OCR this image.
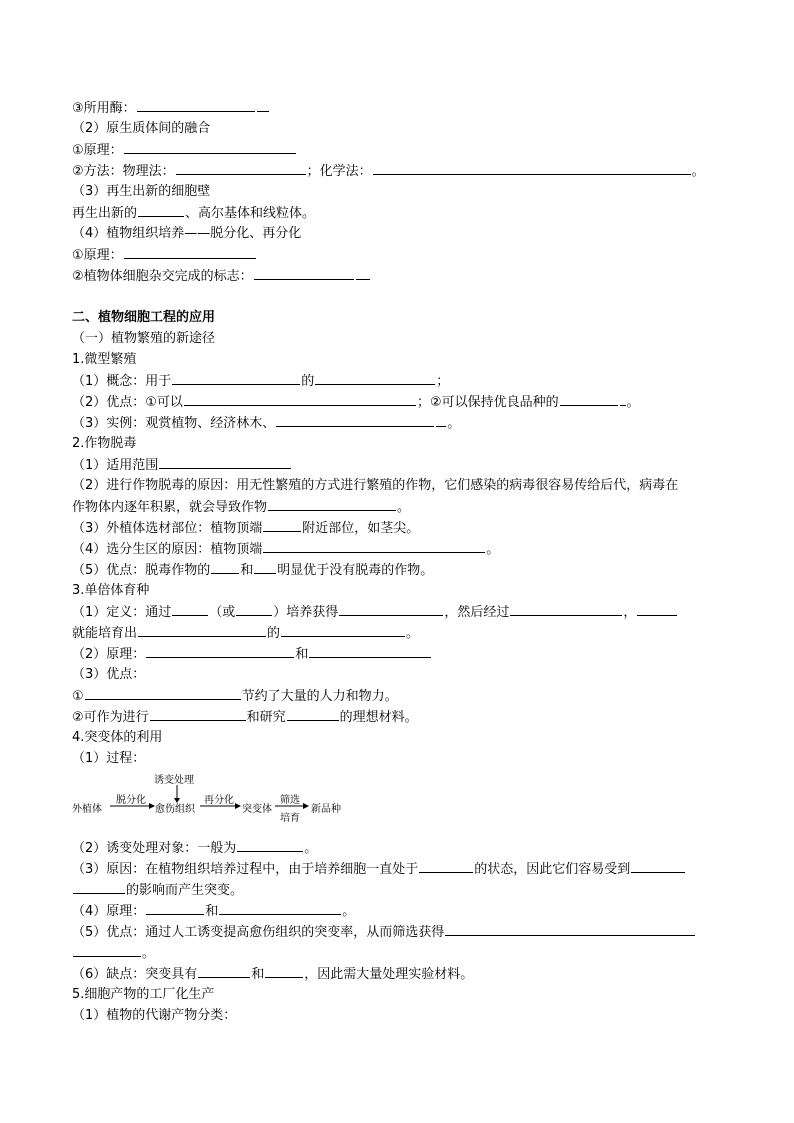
③所用酶：
（2）原生质体间的融合
①原理：
②方法：物理法：	；化学法：	。
（3）再生出新的细胞壁
再生出新的	、高尔基体和线粒体。
（4）植物组织培养——脱分化、再分化
①原理：
②植物体细胞杂交完成的标志：
二、植物细胞工程的应用
（一）植物繁殖的新途径
1.微型繁殖
（1）概念：用于	的	；
（2）优点：①可以	；②可以保持优良品种的	。
（3）实例：观赏植物、经济林木、	。
2.作物脱毒
（1）适用范围
（2）进行作物脱毒的原因：用无性繁殖的方式进行繁殖的作物，它们感染的病毒很容易传给后代，病毒在
作物体内逐年积累，就会导致作物	。
（3）外植体选材部位：植物顶端	附近部位，如茎尖。
（4）选分生区的原因：植物顶端	。
（5）优点：脱毒作物的 和 明显优于没有脱毒的作物。
3.单倍体育种
（1）定义：通过	（或	）培养获得	，然后经过	，
就能培育出	的	。
（2）原理：	和
（3）优点：
①	节约了大量的人力和物力。
②可作为进行	和研究	的理想材料。
4.突变体的利用
（1）过程：
诱变处理
外植体
脱分化
愈伤组织
再分化
突变体
筛选
培育
新品种
（2）诱变处理对象：一般为	。
（3）原因：在植物组织培养过程中，由于培养细胞一直处于	的状态，因此它们容易受到
的影响而产生突变。
（4）原理：	和	。
（5）优点：通过人工诱变提高愈伤组织的突变率，从而筛选获得
。
（6）缺点：突变具有	和	，因此需大量处理实验材料。
5.细胞产物的工厂化生产
（1）植物的代谢产物分类：
